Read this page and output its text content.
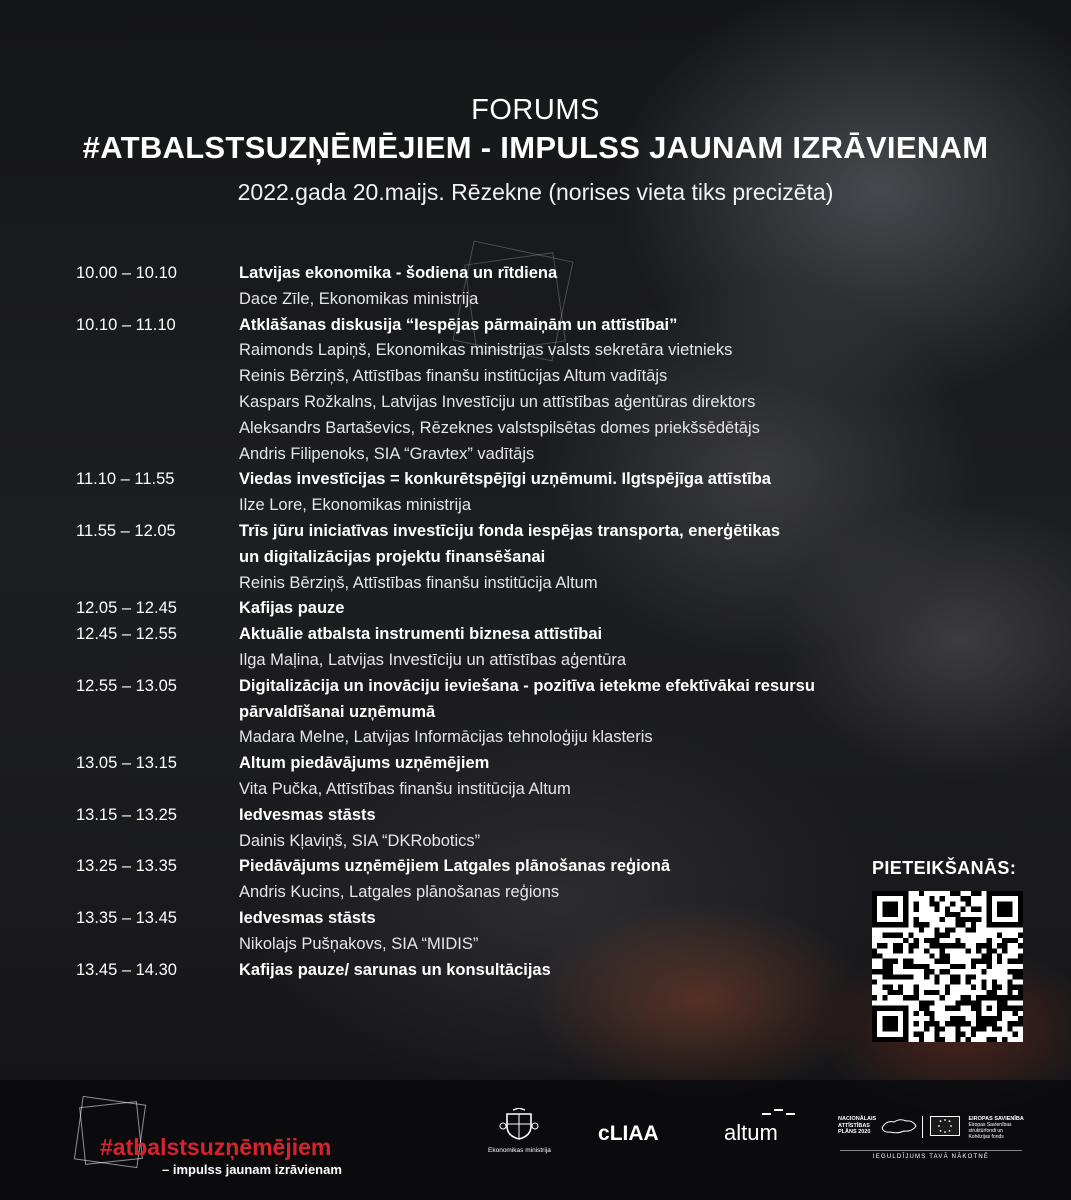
FORUMS
#ATBALSTSUZŅĒMĒJIEM - IMPULSS JAUNAM IZRĀVIENAM
2022.gada 20.maijs. Rēzekne (norises vieta tiks precizēta)
10.00 – 10.10	Latvijas ekonomika - šodiena un rītdiena
Dace Zīle, Ekonomikas ministrija
10.10 – 11.10	Atklāšanas diskusija “Iespējas pārmaiņām un attīstībai”
Raimonds Lapiņš, Ekonomikas ministrijas valsts sekretāra vietnieks
Reinis Bērziņš, Attīstības finanšu institūcijas Altum vadītājs
Kaspars Rožkalns, Latvijas Investīciju un attīstības aģentūras direktors
Aleksandrs Bartaševics, Rēzeknes valstspilsētas domes priekšsēdētājs
Andris Filipenoks, SIA “Gravtex” vadītājs
11.10 – 11.55	Viedas investīcijas = konkurētspējīgi uzņēmumi. Ilgtspējīga attīstība
Ilze Lore, Ekonomikas ministrija
11.55 – 12.05	Trīs jūru iniciatīvas investīciju fonda iespējas transporta, enerģētikas
un digitalizācijas projektu finansēšanai
Reinis Bērziņš, Attīstības finanšu institūcija Altum
12.05 – 12.45	Kafijas pauze
12.45 – 12.55	Aktuālie atbalsta instrumenti biznesa attīstībai
Ilga Maļina, Latvijas Investīciju un attīstības aģentūra
12.55 – 13.05	Digitalizācija un inovāciju ieviešana - pozitīva ietekme efektīvākai resursu
pārvaldīšanai uzņēmumā
Madara Melne, Latvijas Informācijas tehnoloģiju klasteris
13.05 – 13.15	Altum piedāvājums uzņēmējiem
Vita Pučka, Attīstības finanšu institūcija Altum
13.15 – 13.25	Iedvesmas stāsts
Dainis Kļaviņš, SIA “DKRobotics”
13.25 – 13.35	Piedāvājums uzņēmējiem Latgales plānošanas reģionā
Andris Kucins, Latgales plānošanas reģions
13.35 – 13.45	Iedvesmas stāsts
Nikolajs Pušņakovs, SIA “MIDIS”
13.45 – 14.30	Kafijas pauze/ sarunas un konsultācijas
PIETEIKŠANĀS:
#atbalstsuzņēmējiem
– impulss jaunam izrāvienam
Ekonomikas ministrija
cLIAA	altum
NACIONĀLAIS
ATTĪSTĪBAS
PLĀNS 2020

EIROPAS SAVIENĪBA
Eiropas Savienības
struktūrfondi un
Kohēzijas fonds
IEGULDĪJUMS TAVĀ NĀKOTNĒ
